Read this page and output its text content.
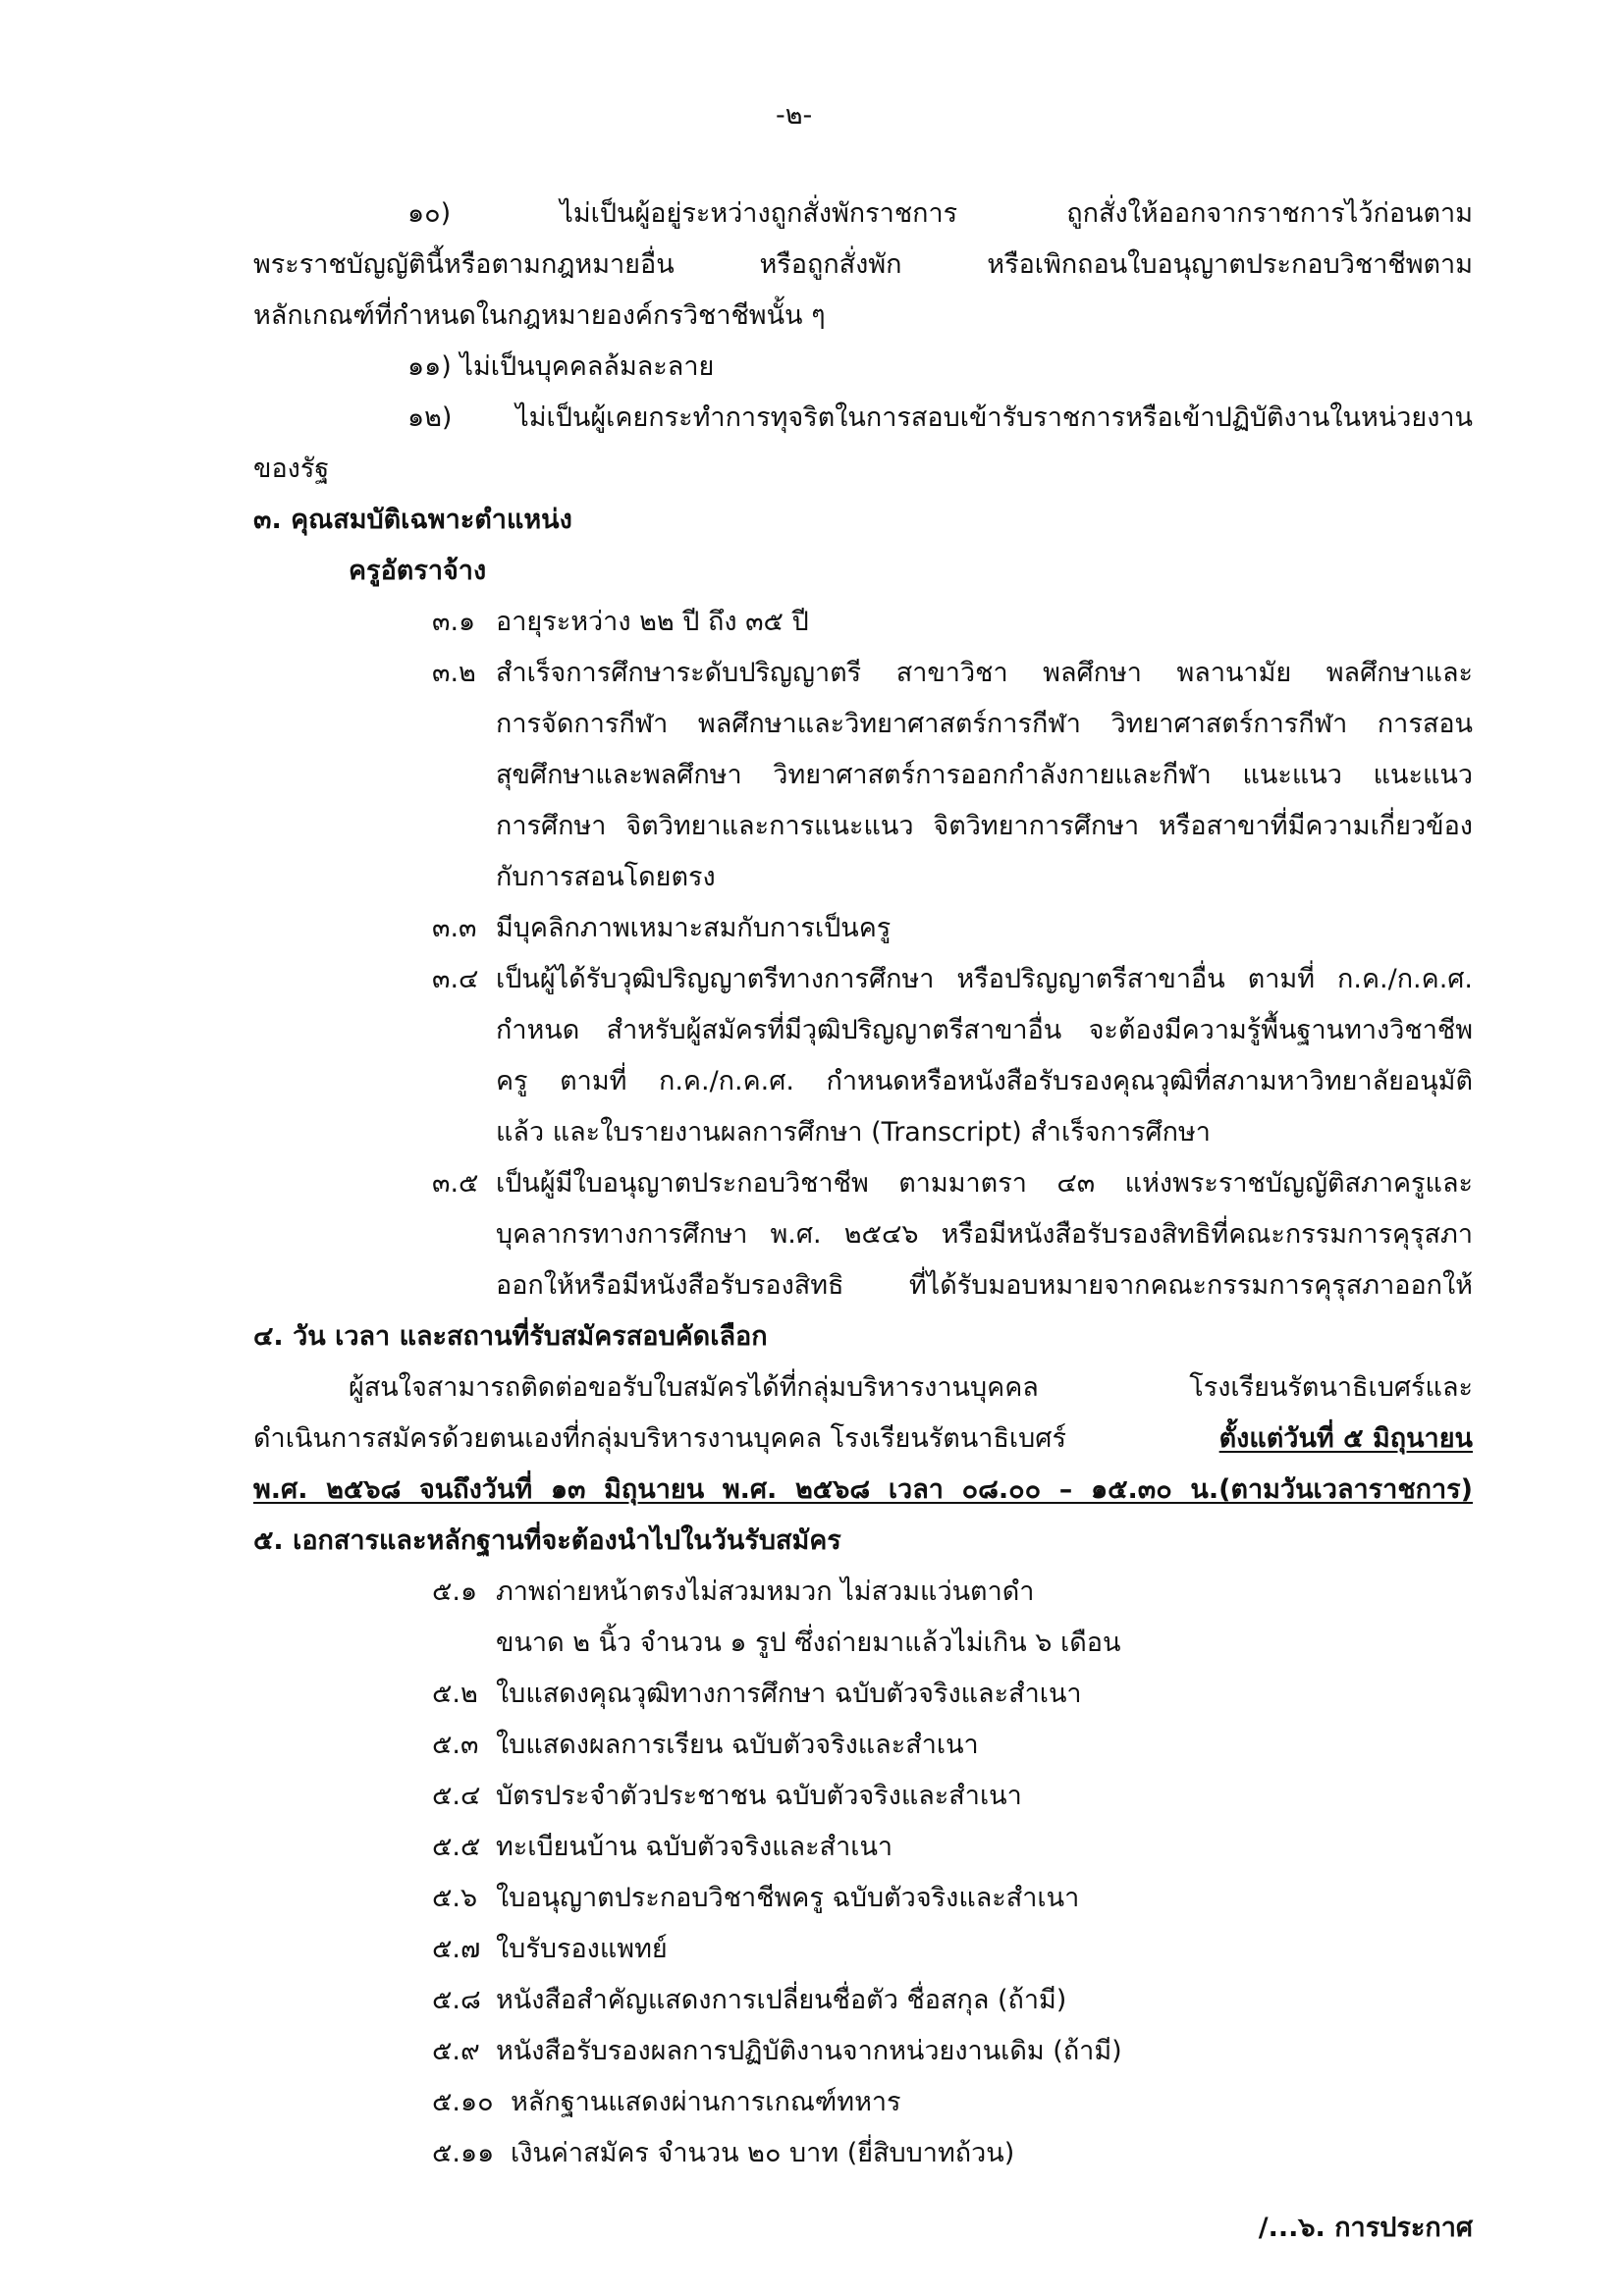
-๒-
๑๐) ไม่เป็นผู้อยู่ระหว่างถูกสั่งพักราชการ ถูกสั่งให้ออกจากราชการไว้ก่อนตาม
พระราชบัญญัตินี้หรือตามกฎหมายอื่น หรือถูกสั่งพัก หรือเพิกถอนใบอนุญาตประกอบวิชาชีพตาม
หลักเกณฑ์ที่กำหนดในกฎหมายองค์กรวิชาชีพนั้น ๆ
๑๑) ไม่เป็นบุคคลล้มละลาย
๑๒) ไม่เป็นผู้เคยกระทำการทุจริตในการสอบเข้ารับราชการหรือเข้าปฏิบัติงานในหน่วยงาน
ของรัฐ
๓. คุณสมบัติเฉพาะตำแหน่ง
ครูอัตราจ้าง
๓.๑ อายุระหว่าง ๒๒ ปี ถึง ๓๕ ปี
๓.๒ สำเร็จการศึกษาระดับปริญญาตรี สาขาวิชา พลศึกษา พลานามัย พลศึกษาและ
การจัดการกีฬา พลศึกษาและวิทยาศาสตร์การกีฬา วิทยาศาสตร์การกีฬา การสอน
สุขศึกษาและพลศึกษา วิทยาศาสตร์การออกกำลังกายและกีฬา แนะแนว แนะแนว
การศึกษา จิตวิทยาและการแนะแนว จิตวิทยาการศึกษา หรือสาขาที่มีความเกี่ยวข้อง
กับการสอนโดยตรง
๓.๓ มีบุคลิกภาพเหมาะสมกับการเป็นครู
๓.๔ เป็นผู้ได้รับวุฒิปริญญาตรีทางการศึกษา หรือปริญญาตรีสาขาอื่น ตามที่ ก.ค./ก.ค.ศ.
กำหนด สำหรับผู้สมัครที่มีวุฒิปริญญาตรีสาขาอื่น จะต้องมีความรู้พื้นฐานทางวิชาชีพ
ครู ตามที่ ก.ค./ก.ค.ศ. กำหนดหรือหนังสือรับรองคุณวุฒิที่สภามหาวิทยาลัยอนุมัติ
แล้ว และใบรายงานผลการศึกษา (Transcript) สำเร็จการศึกษา
๓.๕ เป็นผู้มีใบอนุญาตประกอบวิชาชีพ ตามมาตรา ๔๓ แห่งพระราชบัญญัติสภาครูและ
บุคลากรทางการศึกษา พ.ศ. ๒๕๔๖ หรือมีหนังสือรับรองสิทธิที่คณะกรรมการคุรุสภา
ออกให้หรือมีหนังสือรับรองสิทธิ ที่ได้รับมอบหมายจากคณะกรรมการคุรุสภาออกให้
๔. วัน เวลา และสถานที่รับสมัครสอบคัดเลือก
ผู้สนใจสามารถติดต่อขอรับใบสมัครได้ที่กลุ่มบริหารงานบุคคล โรงเรียนรัตนาธิเบศร์และ
ดำเนินการสมัครด้วยตนเองที่กลุ่มบริหารงานบุคคล โรงเรียนรัตนาธิเบศร์	ตั้งแต่วันที่ ๕ มิถุนายน
พ.ศ. ๒๕๖๘ จนถึงวันที่ ๑๓ มิถุนายน พ.ศ. ๒๕๖๘ เวลา ๐๘.๐๐ – ๑๕.๓๐ น.(ตามวันเวลาราชการ)
๕. เอกสารและหลักฐานที่จะต้องนำไปในวันรับสมัคร
๕.๑ ภาพถ่ายหน้าตรงไม่สวมหมวก ไม่สวมแว่นตาดำ
ขนาด ๒ นิ้ว จำนวน ๑ รูป ซึ่งถ่ายมาแล้วไม่เกิน ๖ เดือน
๕.๒ ใบแสดงคุณวุฒิทางการศึกษา ฉบับตัวจริงและสำเนา
๕.๓ ใบแสดงผลการเรียน ฉบับตัวจริงและสำเนา
๕.๔ บัตรประจำตัวประชาชน ฉบับตัวจริงและสำเนา
๕.๕ ทะเบียนบ้าน ฉบับตัวจริงและสำเนา
๕.๖ ใบอนุญาตประกอบวิชาชีพครู ฉบับตัวจริงและสำเนา
๕.๗ ใบรับรองแพทย์
๕.๘ หนังสือสำคัญแสดงการเปลี่ยนชื่อตัว ชื่อสกุล (ถ้ามี)
๕.๙ หนังสือรับรองผลการปฏิบัติงานจากหน่วยงานเดิม (ถ้ามี)
๕.๑๐ หลักฐานแสดงผ่านการเกณฑ์ทหาร
๕.๑๑ เงินค่าสมัคร จำนวน ๒๐ บาท (ยี่สิบบาทถ้วน)
/...๖. การประกาศ
